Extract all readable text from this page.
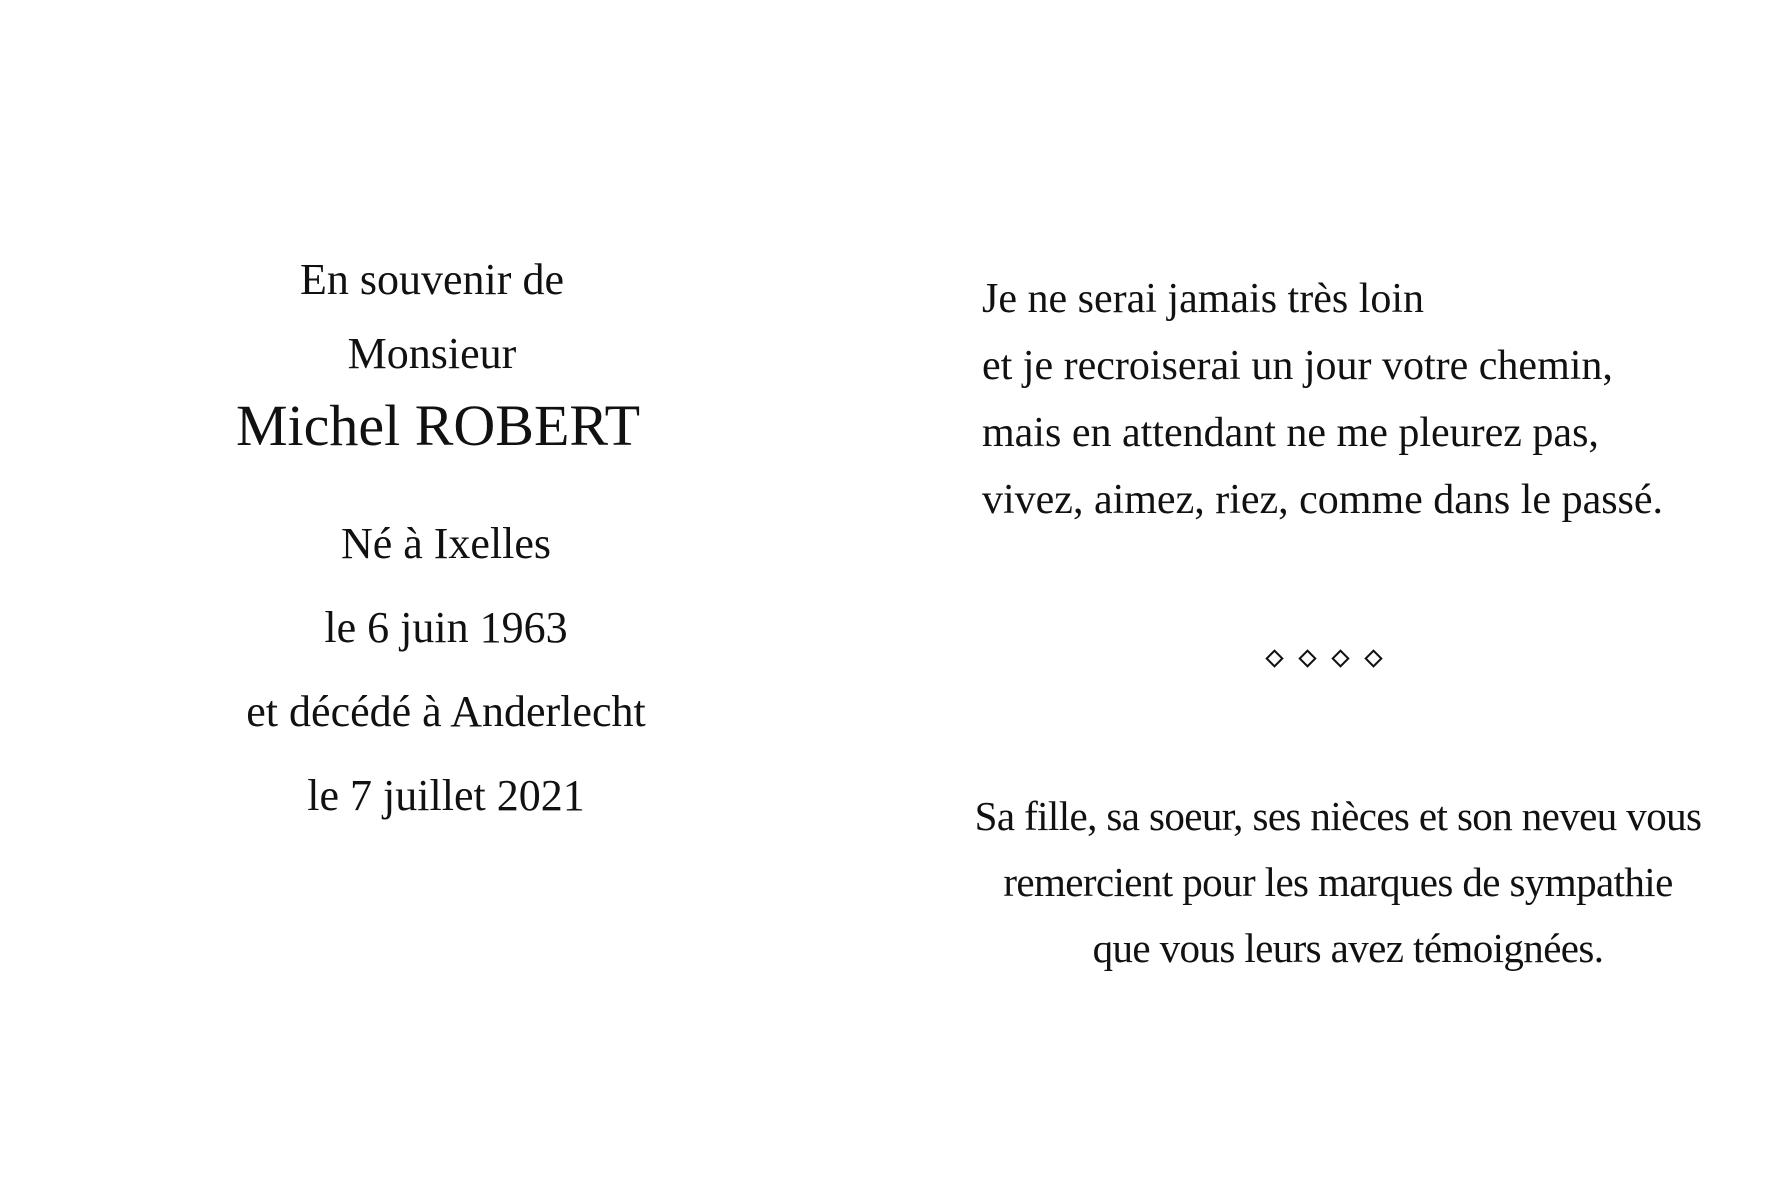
En souvenir de
Monsieur
Michel ROBERT
Né à Ixelles
le 6 juin 1963
et décédé à Anderlecht
le 7 juillet 2021
Je ne serai jamais très loin
et je recroiserai un jour votre chemin,
mais en attendant ne me pleurez pas,
vivez, aimez, riez, comme dans le passé.
Sa fille, sa soeur, ses nièces et son neveu vous
remercient pour les marques de sympathie
que vous leurs avez témoignées.
